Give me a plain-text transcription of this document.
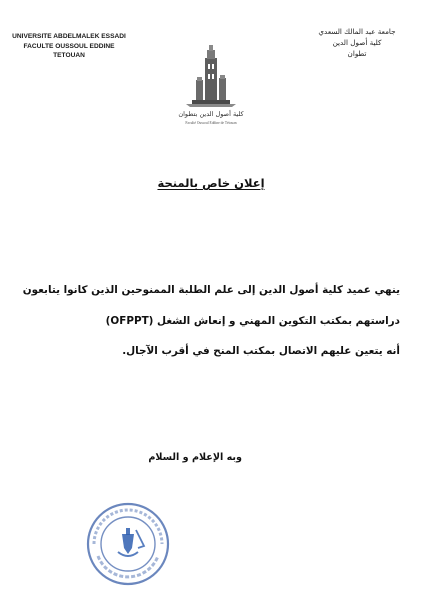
UNIVERSITE ABDELMALEK ESSADI
FACULTE OUSSOUL EDDINE
TETOUAN
جامعة عبد المالك السعدي
كلية أصول الدين
تطوان
كلية أصول الدين بتطوان
Faculté Oussoul Eddine de Tétouan
إعلان خاص بالمنحة
ينهي عميد كلية أصول الدين إلى علم الطلبة الممنوحين الذين كانوا يتابعون
دراستهم بمكتب التكوين المهني و إنعاش الشغل (OFPPT)
أنه يتعين عليهم الاتصال بمكتب المنح في أقرب الآجال.
وبه الإعلام و السلام
